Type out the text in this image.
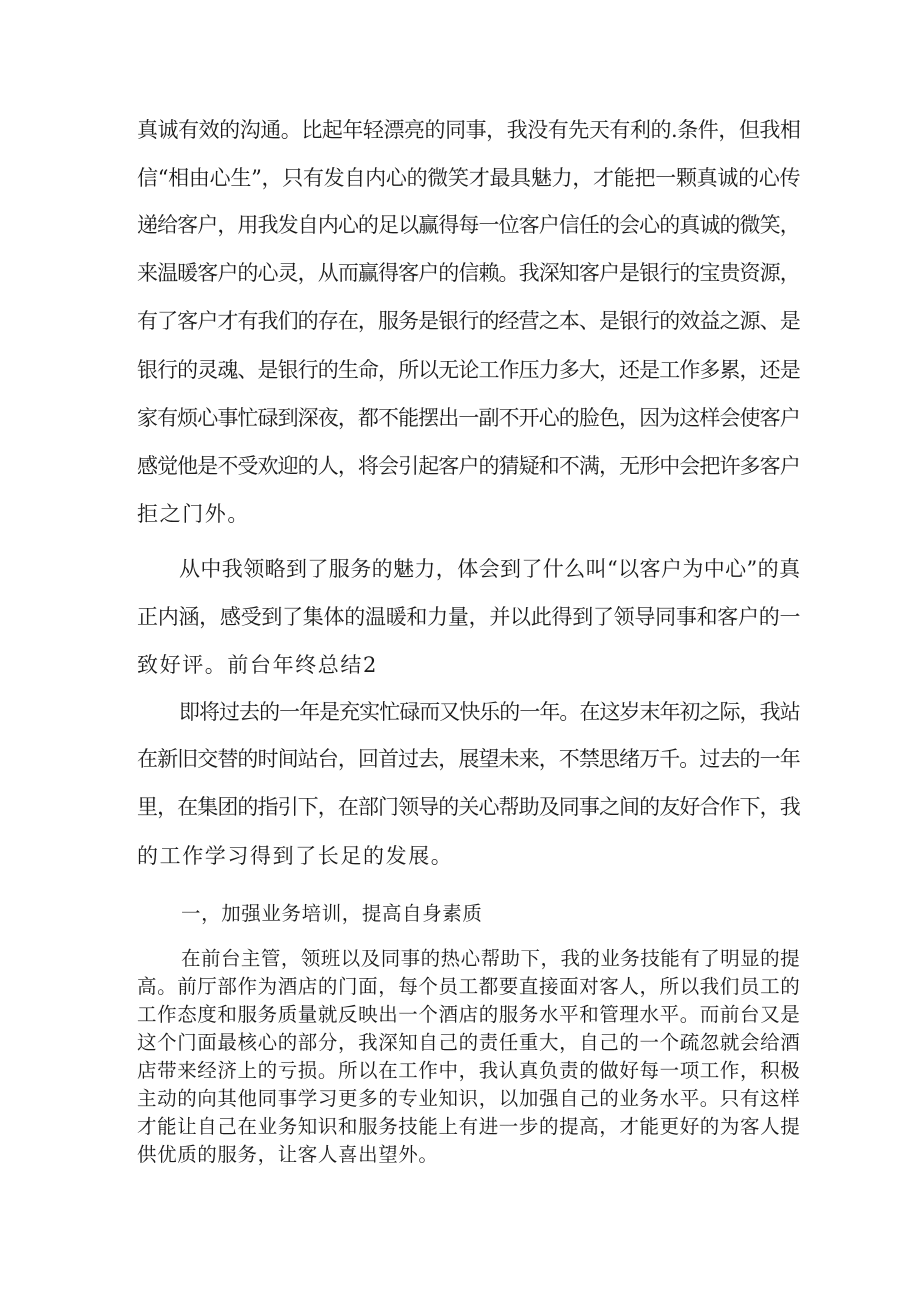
真诚有效的沟通。比起年轻漂亮的同事，我没有先天有利的.条件，但我相
信“相由心生”，只有发自内心的微笑才最具魅力，才能把一颗真诚的心传
递给客户，用我发自内心的足以赢得每一位客户信任的会心的真诚的微笑，
来温暖客户的心灵，从而赢得客户的信赖。我深知客户是银行的宝贵资源，
有了客户才有我们的存在，服务是银行的经营之本、是银行的效益之源、是
银行的灵魂、是银行的生命，所以无论工作压力多大，还是工作多累，还是
家有烦心事忙碌到深夜，都不能摆出一副不开心的脸色，因为这样会使客户
感觉他是不受欢迎的人，将会引起客户的猜疑和不满，无形中会把许多客户
拒之门外。
从中我领略到了服务的魅力，体会到了什么叫“以客户为中心”的真
正内涵，感受到了集体的温暖和力量，并以此得到了领导同事和客户的一
致好评。前台年终总结2
即将过去的一年是充实忙碌而又快乐的一年。在这岁末年初之际，我站
在新旧交替的时间站台，回首过去，展望未来，不禁思绪万千。过去的一年
里，在集团的指引下，在部门领导的关心帮助及同事之间的友好合作下，我
的工作学习得到了长足的发展。
一，加强业务培训，提高自身素质
在前台主管，领班以及同事的热心帮助下，我的业务技能有了明显的提
高。前厅部作为酒店的门面，每个员工都要直接面对客人，所以我们员工的
工作态度和服务质量就反映出一个酒店的服务水平和管理水平。而前台又是
这个门面最核心的部分，我深知自己的责任重大，自己的一个疏忽就会给酒
店带来经济上的亏损。所以在工作中，我认真负责的做好每一项工作，积极
主动的向其他同事学习更多的专业知识，以加强自己的业务水平。只有这样
才能让自己在业务知识和服务技能上有进一步的提高，才能更好的为客人提
供优质的服务，让客人喜出望外。
